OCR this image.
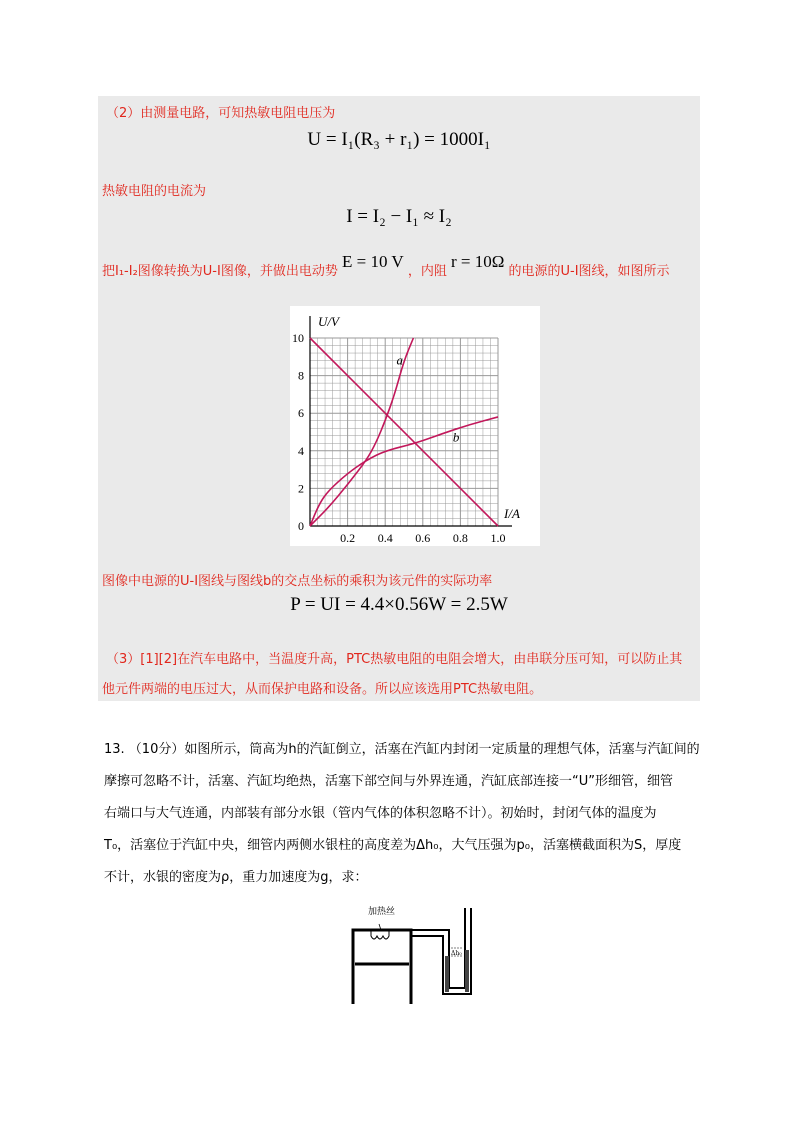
（2）由测量电路，可知热敏电阻电压为
U = I₁(R₃ + r₁) = 1000I₁
热敏电阻的电流为
I = I₂ − I₁ ≈ I₂
把I₁-I₂图像转换为U-I图像，并做出电动势 E = 10 V ，内阻 r = 10Ω 的电源的U-I图线，如图所示
0.2 0.4 0.6 0.8 1.0
0
2
4
6
8
10
I/A
U/V
a
b
图像中电源的U-I图线与图线b的交点坐标的乘积为该元件的实际功率
P = UI = 4.4×0.56W = 2.5W
（3）[1][2]在汽车电路中，当温度升高，PTC热敏电阻的电阻会增大，由串联分压可知，可以防止其
他元件两端的电压过大，从而保护电路和设备。所以应该选用PTC热敏电阻。
13. （10分）如图所示，筒高为h的汽缸倒立，活塞在汽缸内封闭一定质量的理想气体，活塞与汽缸间的
摩擦可忽略不计，活塞、汽缸均绝热，活塞下部空间与外界连通，汽缸底部连接一“U”形细管，细管
右端口与大气连通，内部装有部分水银（管内气体的体积忽略不计）。初始时，封闭气体的温度为
T₀，活塞位于汽缸中央，细管内两侧水银柱的高度差为Δh₀，大气压强为p₀，活塞横截面积为S，厚度
不计，水银的密度为ρ，重力加速度为g，求：
加热丝
Δh₀
